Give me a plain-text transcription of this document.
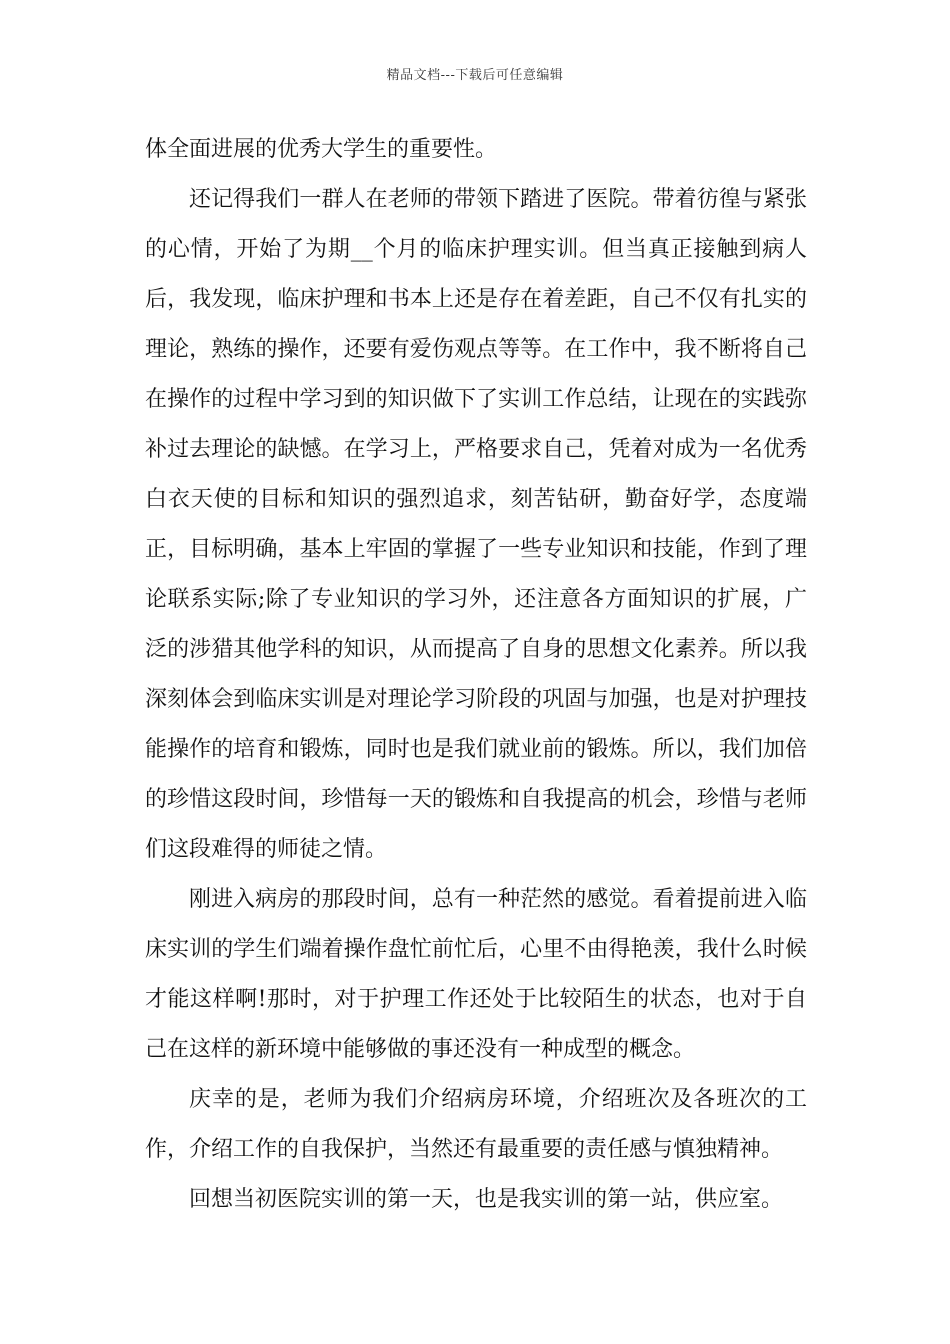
精品文档---下载后可任意编辑

体全面进展的优秀大学生的重要性。

还记得我们一群人在老师的带领下踏进了医院。带着彷徨与紧张的心情，开始了为期__个月的临床护理实训。但当真正接触到病人后，我发现，临床护理和书本上还是存在着差距，自己不仅有扎实的理论，熟练的操作，还要有爱伤观点等等。在工作中，我不断将自己在操作的过程中学习到的知识做下了实训工作总结，让现在的实践弥补过去理论的缺憾。在学习上，严格要求自己，凭着对成为一名优秀白衣天使的目标和知识的强烈追求，刻苦钻研，勤奋好学，态度端正，目标明确，基本上牢固的掌握了一些专业知识和技能，作到了理论联系实际;除了专业知识的学习外，还注意各方面知识的扩展，广泛的涉猎其他学科的知识，从而提高了自身的思想文化素养。所以我深刻体会到临床实训是对理论学习阶段的巩固与加强，也是对护理技能操作的培育和锻炼，同时也是我们就业前的锻炼。所以，我们加倍的珍惜这段时间，珍惜每一天的锻炼和自我提高的机会，珍惜与老师们这段难得的师徒之情。

刚进入病房的那段时间，总有一种茫然的感觉。看着提前进入临床实训的学生们端着操作盘忙前忙后，心里不由得艳羡，我什么时候才能这样啊!那时，对于护理工作还处于比较陌生的状态，也对于自己在这样的新环境中能够做的事还没有一种成型的概念。

庆幸的是，老师为我们介绍病房环境，介绍班次及各班次的工作，介绍工作的自我保护，当然还有最重要的责任感与慎独精神。

回想当初医院实训的第一天，也是我实训的第一站，供应室。
